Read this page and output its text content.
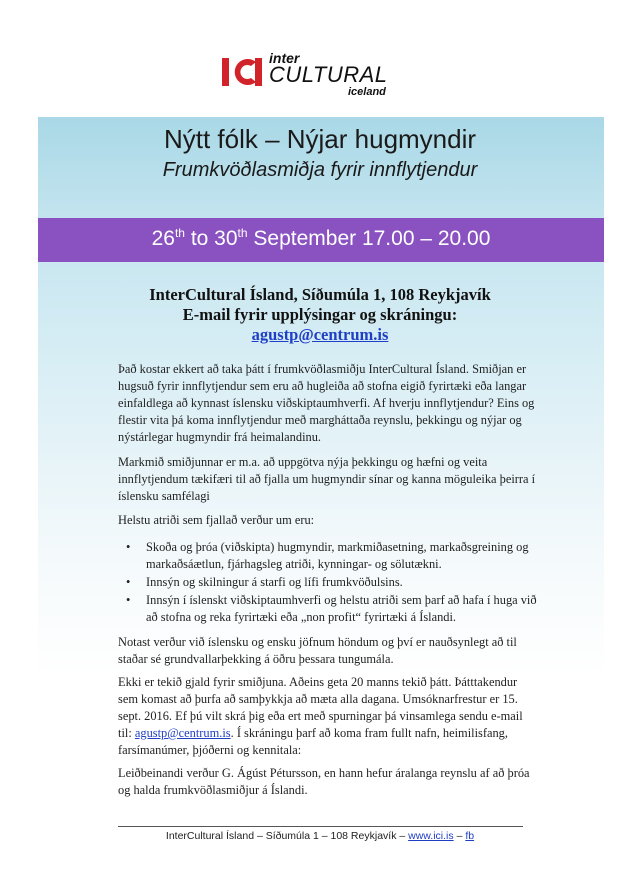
inter
CULTURAL
iceland
Nýtt fólk – Nýjar hugmyndir
Frumkvöðlasmiðja fyrir innflytjendur
26th to 30th September 17.00 – 20.00
InterCultural Ísland, Síðumúla 1, 108 Reykjavík
E-mail fyrir upplýsingar og skráningu:
agustp@centrum.is
Það kostar ekkert að taka þátt í frumkvöðlasmiðju InterCultural Ísland. Smiðjan er hugsuð fyrir innflytjendur sem eru að hugleiða að stofna eigið fyrirtæki eða langar einfaldlega að kynnast íslensku viðskiptaumhverfi. Af hverju innflytjendur? Eins og flestir vita þá koma innflytjendur með margháttaða reynslu, þekkingu og nýjar og nýstárlegar hugmyndir frá heimalandinu.
Markmið smiðjunnar er m.a. að uppgötva nýja þekkingu og hæfni og veita innflytjendum tækifæri til að fjalla um hugmyndir sínar og kanna möguleika þeirra í íslensku samfélagi
Helstu atriði sem fjallað verður um eru:
• Skoða og þróa (viðskipta) hugmyndir, markmiðasetning, markaðsgreining og markaðsáætlun, fjárhagsleg atriði, kynningar- og sölutækni.
• Innsýn og skilningur á starfi og lífi frumkvöðulsins.
• Innsýn í íslenskt viðskiptaumhverfi og helstu atriði sem þarf að hafa í huga við að stofna og reka fyrirtæki eða „non profit“ fyrirtæki á Íslandi.
Notast verður við íslensku og ensku jöfnum höndum og því er nauðsynlegt að til staðar sé grundvallarþekking á öðru þessara tungumála.
Ekki er tekið gjald fyrir smiðjuna. Aðeins geta 20 manns tekið þátt. Þátttakendur sem komast að þurfa að samþykkja að mæta alla dagana. Umsóknarfrestur er 15. sept. 2016. Ef þú vilt skrá þig eða ert með spurningar þá vinsamlega sendu e-mail til: agustp@centrum.is. Í skráningu þarf að koma fram fullt nafn, heimilisfang, farsímanúmer, þjóðerni og kennitala:
Leiðbeinandi verður G. Ágúst Pétursson, en hann hefur áralanga reynslu af að þróa og halda frumkvöðlasmiðjur á Íslandi.
InterCultural Ísland – Síðumúla 1 – 108 Reykjavík – www.ici.is – fb
